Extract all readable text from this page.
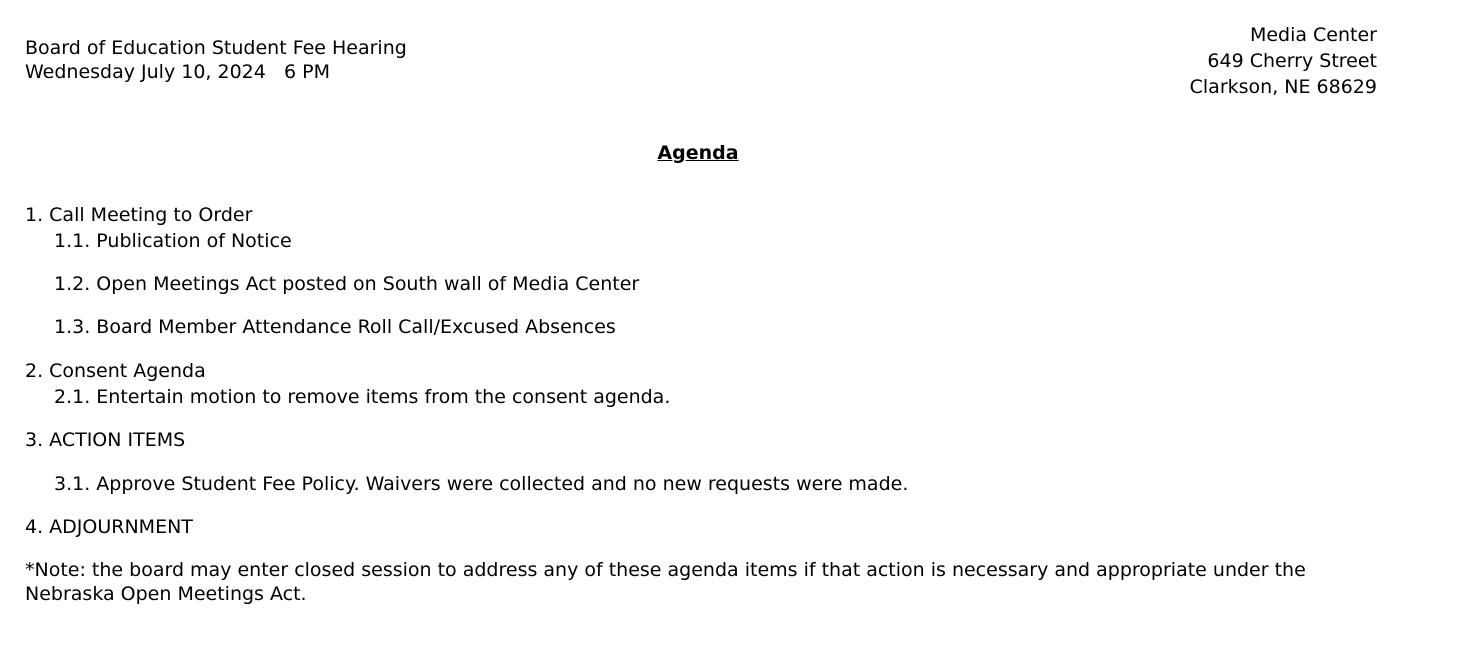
Board of Education Student Fee Hearing
Wednesday July 10, 2024   6 PM
Media Center
649 Cherry Street
Clarkson, NE 68629
Agenda
1. Call Meeting to Order
1.1. Publication of Notice
1.2. Open Meetings Act posted on South wall of Media Center
1.3. Board Member Attendance Roll Call/Excused Absences
2. Consent Agenda
2.1. Entertain motion to remove items from the consent agenda.
3. ACTION ITEMS
3.1. Approve Student Fee Policy. Waivers were collected and no new requests were made.
4. ADJOURNMENT
*Note: the board may enter closed session to address any of these agenda items if that action is necessary and appropriate under the Nebraska Open Meetings Act.
